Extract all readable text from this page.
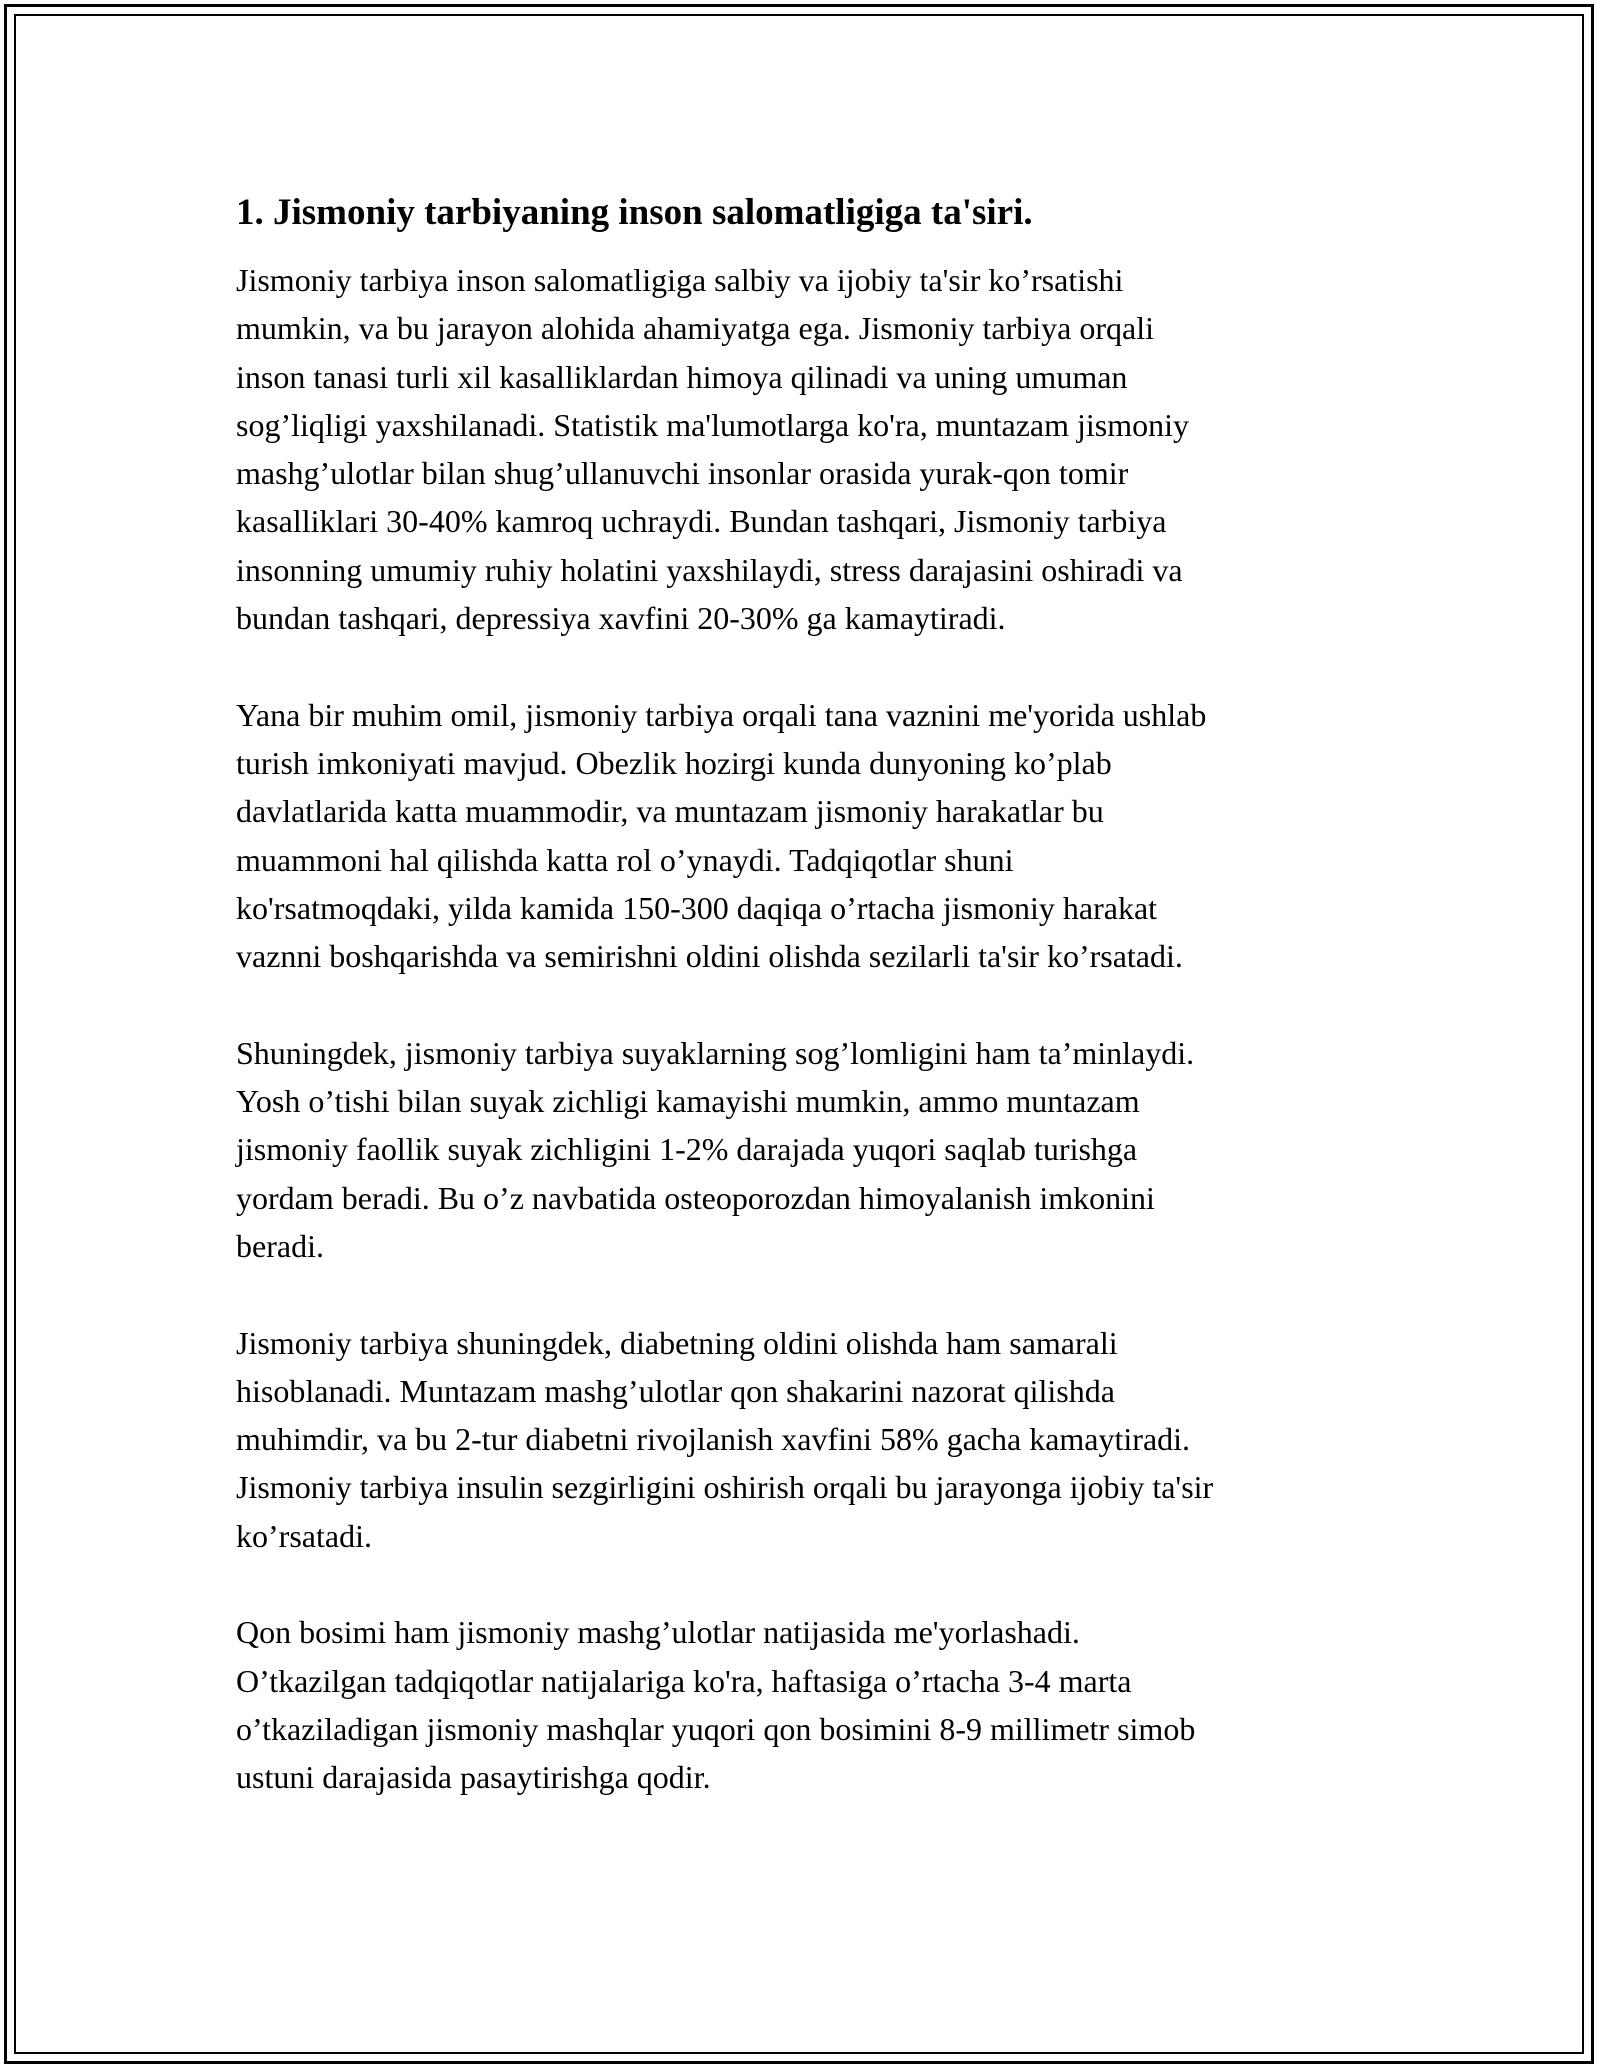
1. Jismoniy tarbiyaning inson salomatligiga ta'siri.

Jismoniy tarbiya inson salomatligiga salbiy va ijobiy ta'sir ko’rsatishi
mumkin, va bu jarayon alohida ahamiyatga ega. Jismoniy tarbiya orqali
inson tanasi turli xil kasalliklardan himoya qilinadi va uning umuman
sog’liqligi yaxshilanadi. Statistik ma'lumotlarga ko'ra, muntazam jismoniy
mashg’ulotlar bilan shug’ullanuvchi insonlar orasida yurak-qon tomir
kasalliklari 30-40% kamroq uchraydi. Bundan tashqari, Jismoniy tarbiya
insonning umumiy ruhiy holatini yaxshilaydi, stress darajasini oshiradi va
bundan tashqari, depressiya xavfini 20-30% ga kamaytiradi.

Yana bir muhim omil, jismoniy tarbiya orqali tana vaznini me'yorida ushlab
turish imkoniyati mavjud. Obezlik hozirgi kunda dunyoning ko’plab
davlatlarida katta muammodir, va muntazam jismoniy harakatlar bu
muammoni hal qilishda katta rol o’ynaydi. Tadqiqotlar shuni
ko'rsatmoqdaki, yilda kamida 150-300 daqiqa o’rtacha jismoniy harakat
vaznni boshqarishda va semirishni oldini olishda sezilarli ta'sir ko’rsatadi.

Shuningdek, jismoniy tarbiya suyaklarning sog’lomligini ham ta’minlaydi.
Yosh o’tishi bilan suyak zichligi kamayishi mumkin, ammo muntazam
jismoniy faollik suyak zichligini 1-2% darajada yuqori saqlab turishga
yordam beradi. Bu o’z navbatida osteoporozdan himoyalanish imkonini
beradi.

Jismoniy tarbiya shuningdek, diabetning oldini olishda ham samarali
hisoblanadi. Muntazam mashg’ulotlar qon shakarini nazorat qilishda
muhimdir, va bu 2-tur diabetni rivojlanish xavfini 58% gacha kamaytiradi.
Jismoniy tarbiya insulin sezgirligini oshirish orqali bu jarayonga ijobiy ta'sir
ko’rsatadi.

Qon bosimi ham jismoniy mashg’ulotlar natijasida me'yorlashadi.
O’tkazilgan tadqiqotlar natijalariga ko'ra, haftasiga o’rtacha 3-4 marta
o’tkaziladigan jismoniy mashqlar yuqori qon bosimini 8-9 millimetr simob
ustuni darajasida pasaytirishga qodir.
